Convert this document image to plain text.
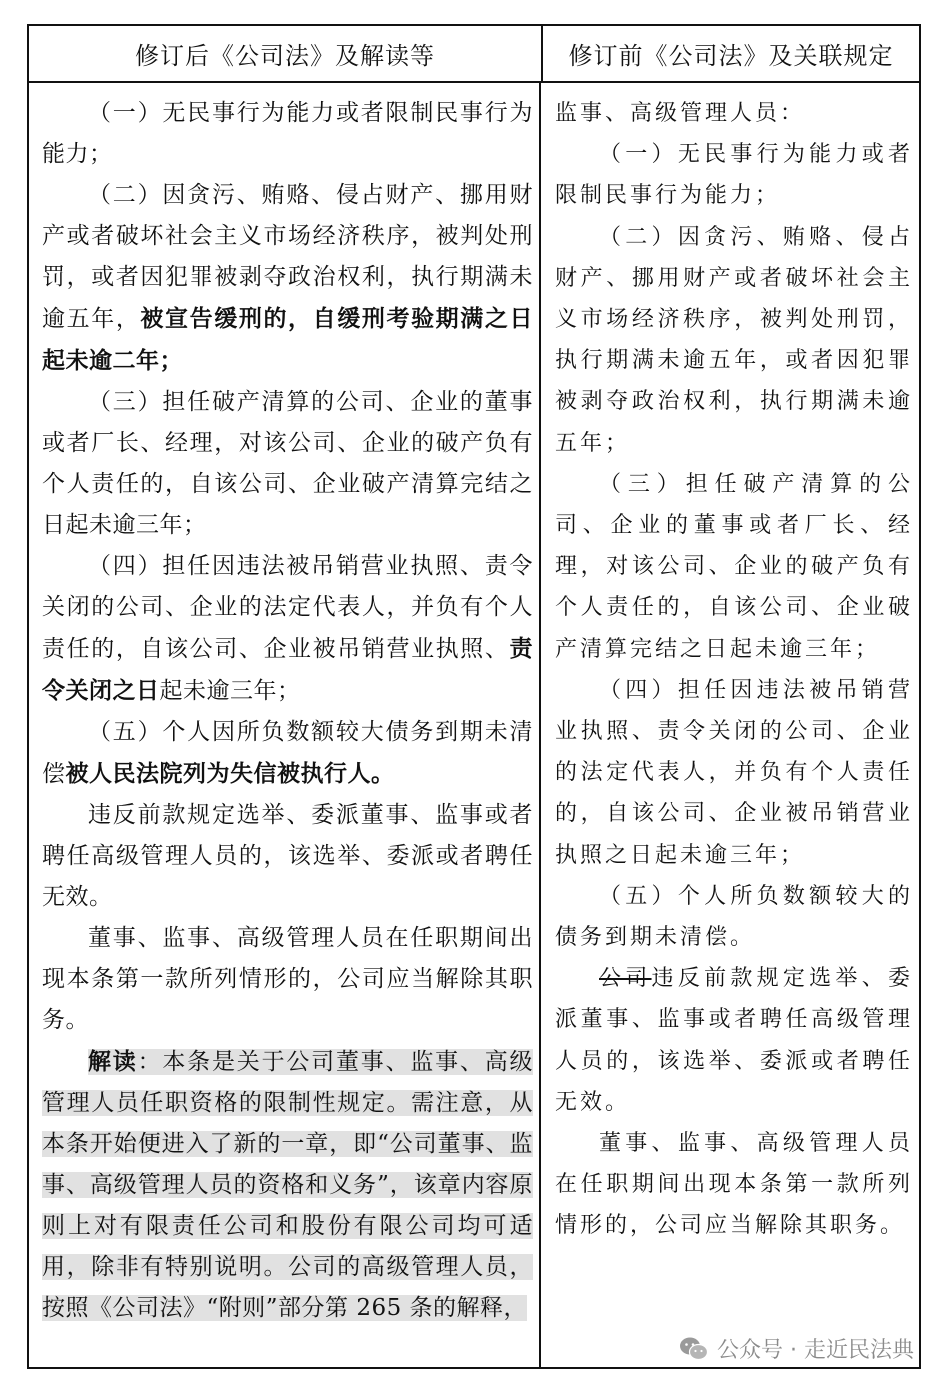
修订后《公司法》及解读等	修订前《公司法》及关联规定

（一）无民事行为能力或者限制民事行为能力；

（二）因贪污、贿赂、侵占财产、挪用财产或者破坏社会主义市场经济秩序，被判处刑罚，或者因犯罪被剥夺政治权利，执行期满未逾五年，被宣告缓刑的，自缓刑考验期满之日起未逾二年；

（三）担任破产清算的公司、企业的董事或者厂长、经理，对该公司、企业的破产负有个人责任的，自该公司、企业破产清算完结之日起未逾三年；

（四）担任因违法被吊销营业执照、责令关闭的公司、企业的法定代表人，并负有个人责任的，自该公司、企业被吊销营业执照、责令关闭之日起未逾三年；

（五）个人因所负数额较大债务到期未清偿被人民法院列为失信被执行人。

违反前款规定选举、委派董事、监事或者聘任高级管理人员的，该选举、委派或者聘任无效。

董事、监事、高级管理人员在任职期间出现本条第一款所列情形的，公司应当解除其职务。

解读：本条是关于公司董事、监事、高级管理人员任职资格的限制性规定。需注意，从本条开始便进入了新的一章，即“公司董事、监事、高级管理人员的资格和义务”，该章内容原则上对有限责任公司和股份有限公司均可适用，除非有特别说明。公司的高级管理人员，按照《公司法》“附则”部分第 265 条的解释，

监事、高级管理人员：

（一）无民事行为能力或者限制民事行为能力；

（二）因贪污、贿赂、侵占财产、挪用财产或者破坏社会主义市场经济秩序，被判处刑罚，执行期满未逾五年，或者因犯罪被剥夺政治权利，执行期满未逾五年；

（三）担任破产清算的公司、企业的董事或者厂长、经理，对该公司、企业的破产负有个人责任的，自该公司、企业破产清算完结之日起未逾三年；

（四）担任因违法被吊销营业执照、责令关闭的公司、企业的法定代表人，并负有个人责任的，自该公司、企业被吊销营业执照之日起未逾三年；

（五）个人所负数额较大的债务到期未清偿。

公司违反前款规定选举、委派董事、监事或者聘任高级管理人员的，该选举、委派或者聘任无效。

董事、监事、高级管理人员在任职期间出现本条第一款所列情形的，公司应当解除其职务。

公众号 · 走近民法典
